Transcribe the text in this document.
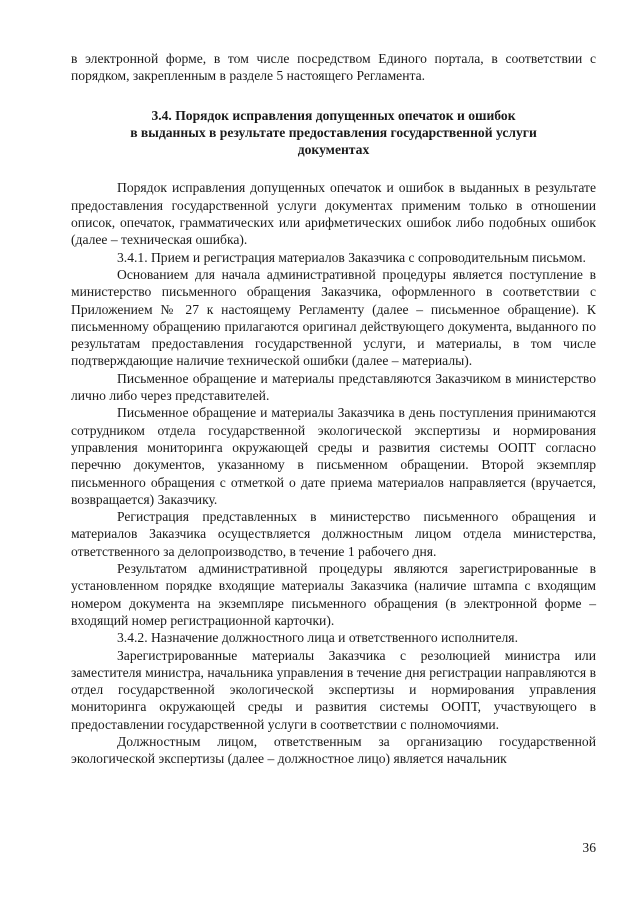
в электронной форме, в том числе посредством Единого портала, в соответствии с порядком, закрепленным в разделе 5 настоящего Регламента.

3.4. Порядок исправления допущенных опечаток и ошибок
в выданных в результате предоставления государственной услуги
документах

Порядок исправления допущенных опечаток и ошибок в выданных в результате предоставления государственной услуги документах применим только в отношении описок, опечаток, грамматических или арифметических ошибок либо подобных ошибок (далее – техническая ошибка).

3.4.1. Прием и регистрация материалов Заказчика с сопроводительным письмом.

Основанием для начала административной процедуры является поступление в министерство письменного обращения Заказчика, оформленного в соответствии с Приложением № 27 к настоящему Регламенту (далее – письменное обращение). К письменному обращению прилагаются оригинал действующего документа, выданного по результатам предоставления государственной услуги, и материалы, в том числе подтверждающие наличие технической ошибки (далее – материалы).

Письменное обращение и материалы представляются Заказчиком в министерство лично либо через представителей.

Письменное обращение и материалы Заказчика в день поступления принимаются сотрудником отдела государственной экологической экспертизы и нормирования управления мониторинга окружающей среды и развития системы ООПТ согласно перечню документов, указанному в письменном обращении. Второй экземпляр письменного обращения с отметкой о дате приема материалов направляется (вручается, возвращается) Заказчику.

Регистрация представленных в министерство письменного обращения и материалов Заказчика осуществляется должностным лицом отдела министерства, ответственного за делопроизводство, в течение 1 рабочего дня.

Результатом административной процедуры являются зарегистрированные в установленном порядке входящие материалы Заказчика (наличие штампа с входящим номером документа на экземпляре письменного обращения (в электронной форме – входящий номер регистрационной карточки).

3.4.2. Назначение должностного лица и ответственного исполнителя.

Зарегистрированные материалы Заказчика с резолюцией министра или заместителя министра, начальника управления в течение дня регистрации направляются в отдел государственной экологической экспертизы и нормирования управления мониторинга окружающей среды и развития системы ООПТ, участвующего в предоставлении государственной услуги в соответствии с полномочиями.

Должностным лицом, ответственным за организацию государственной экологической экспертизы (далее – должностное лицо) является начальник

36
